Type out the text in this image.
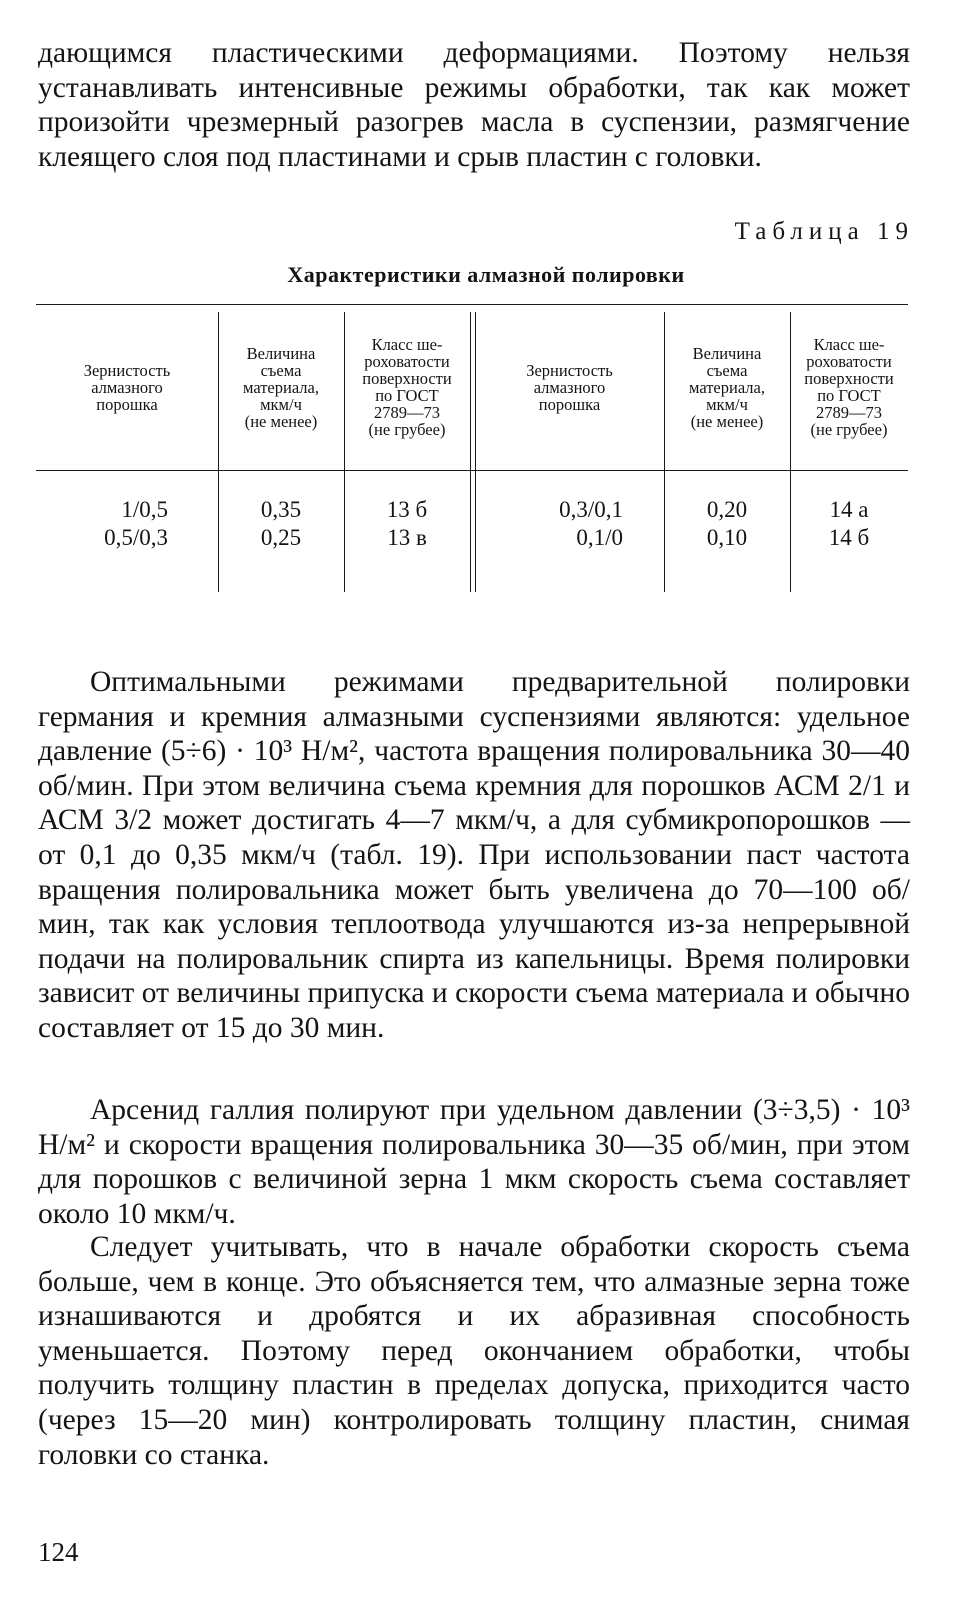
дающимся пластическими деформациями. Поэтому нельзя устанавливать интенсивные режимы обработки, так как может произойти чрезмерный разогрев масла в суспензии, размягчение клеящего слоя под пластинами и срыв пластин с головки.

Таблица 19

Характеристики алмазной полировки

Зернистость
алмазного
порошка
Величина
съема
материала,
мкм/ч
(не менее)
Класс ше-
роховатости
поверхности
по ГОСТ
2789—73
(не грубее)
Зернистость
алмазного
порошка
Величина
съема
материала,
мкм/ч
(не менее)
Класс ше-
роховатости
поверхности
по ГОСТ
2789—73
(не грубее)
1/0,5
0,5/0,3
0,35
0,25
13 б
13 в
0,3/0,1
0,1/0
0,20
0,10
14 а
14 б

Оптимальными режимами предварительной полировки германия и кремния алмазными суспензиями являются: удельное давление (5÷6) · 10³ Н/м², частота вращения полировальника 30—40 об/мин. При этом величина съема кремния для порошков АСМ 2/1 и АСМ 3/2 может достигать 4—7 мкм/ч, а для субмикропорошков — от 0,1 до 0,35 мкм/ч (табл. 19). При использовании паст частота вращения полировальника может быть увеличена до 70—100 об/мин, так как условия теплоотвода улучшаются из-за непрерывной подачи на полировальник спирта из капельницы. Время полировки зависит от величины припуска и скорости съема материала и обычно составляет от 15 до 30 мин.

Арсенид галлия полируют при удельном давлении (3÷3,5) · 10³ Н/м² и скорости вращения полировальника 30—35 об/мин, при этом для порошков с величиной зерна 1 мкм скорость съема составляет около 10 мкм/ч.

Следует учитывать, что в начале обработки скорость съема больше, чем в конце. Это объясняется тем, что алмазные зерна тоже изнашиваются и дробятся и их абразивная способность уменьшается. Поэтому перед окончанием обработки, чтобы получить толщину пластин в пределах допуска, приходится часто (через 15—20 мин) контролировать толщину пластин, снимая головки со станка.

124
